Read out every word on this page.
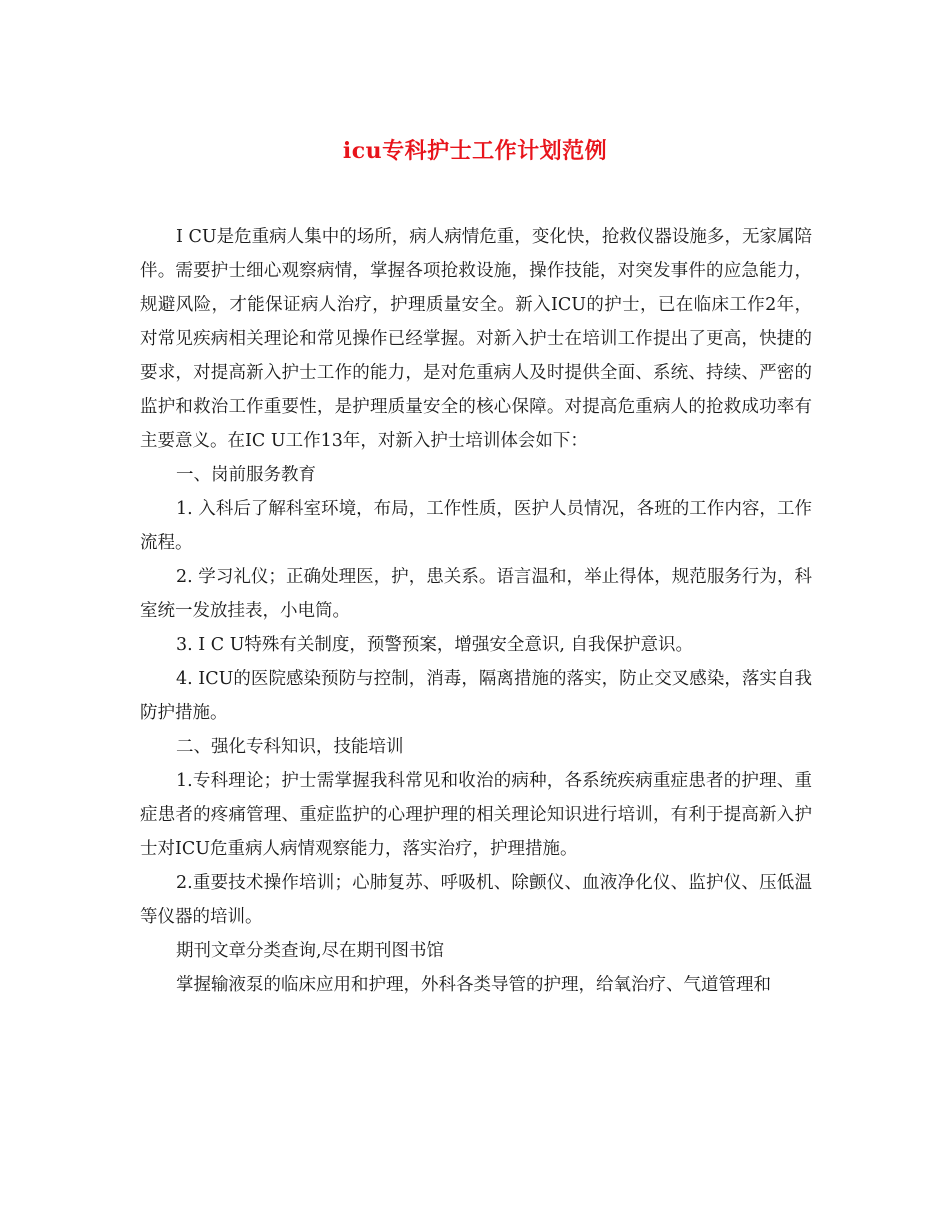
icu专科护士工作计划范例

I CU是危重病人集中的场所，病人病情危重，变化快，抢救仪器设施多，无家属陪伴。需要护士细心观察病情，掌握各项抢救设施，操作技能，对突发事件的应急能力，规避风险，才能保证病人治疗，护理质量安全。新入ICU的护士，已在临床工作2年，对常见疾病相关理论和常见操作已经掌握。对新入护士在培训工作提出了更高，快捷的要求，对提高新入护士工作的能力，是对危重病人及时提供全面、系统、持续、严密的监护和救治工作重要性，是护理质量安全的核心保障。对提高危重病人的抢救成功率有主要意义。在IC U工作13年，对新入护士培训体会如下：

一、岗前服务教育

1. 入科后了解科室环境，布局，工作性质，医护人员情况，各班的工作内容，工作流程。

2. 学习礼仪；正确处理医，护，患关系。语言温和，举止得体，规范服务行为，科室统一发放挂表，小电筒。

3. I C U特殊有关制度，预警预案，增强安全意识, 自我保护意识。

4. ICU的医院感染预防与控制，消毒，隔离措施的落实，防止交叉感染，落实自我防护措施。

二、强化专科知识，技能培训

1.专科理论；护士需掌握我科常见和收治的病种，各系统疾病重症患者的护理、重症患者的疼痛管理、重症监护的心理护理的相关理论知识进行培训，有利于提高新入护士对ICU危重病人病情观察能力，落实治疗，护理措施。

2.重要技术操作培训；心肺复苏、呼吸机、除颤仪、血液净化仪、监护仪、压低温等仪器的培训。

期刊文章分类查询,尽在期刊图书馆

掌握输液泵的临床应用和护理，外科各类导管的护理，给氧治疗、气道管理和
